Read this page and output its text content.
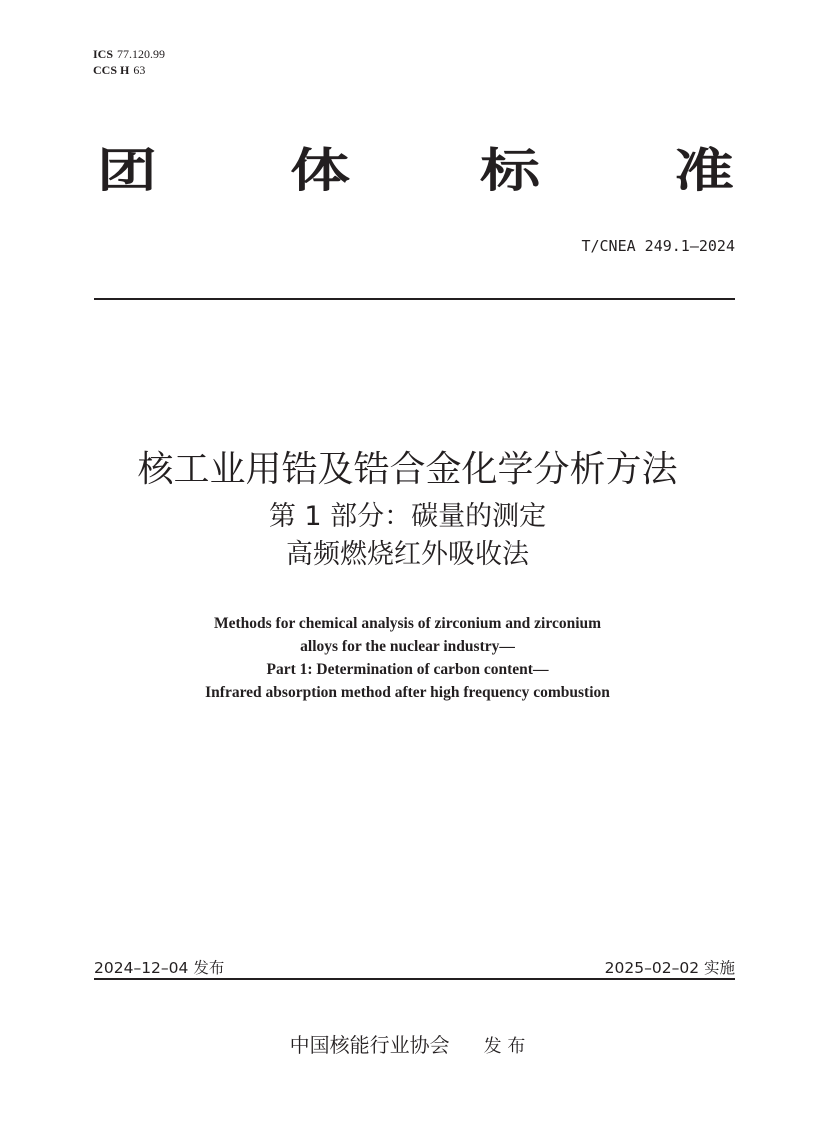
ICS 77.120.99
CCS H 63
团 体 标 准
T/CNEA 249.1—2024
核工业用锆及锆合金化学分析方法
第 1 部分：碳量的测定
高频燃烧红外吸收法
Methods for chemical analysis of zirconium and zirconium
alloys for the nuclear industry—
Part 1: Determination of carbon content—
Infrared absorption method after high frequency combustion
2024–12–04 发布	2025–02–02 实施
中国核能行业协会 发 布
